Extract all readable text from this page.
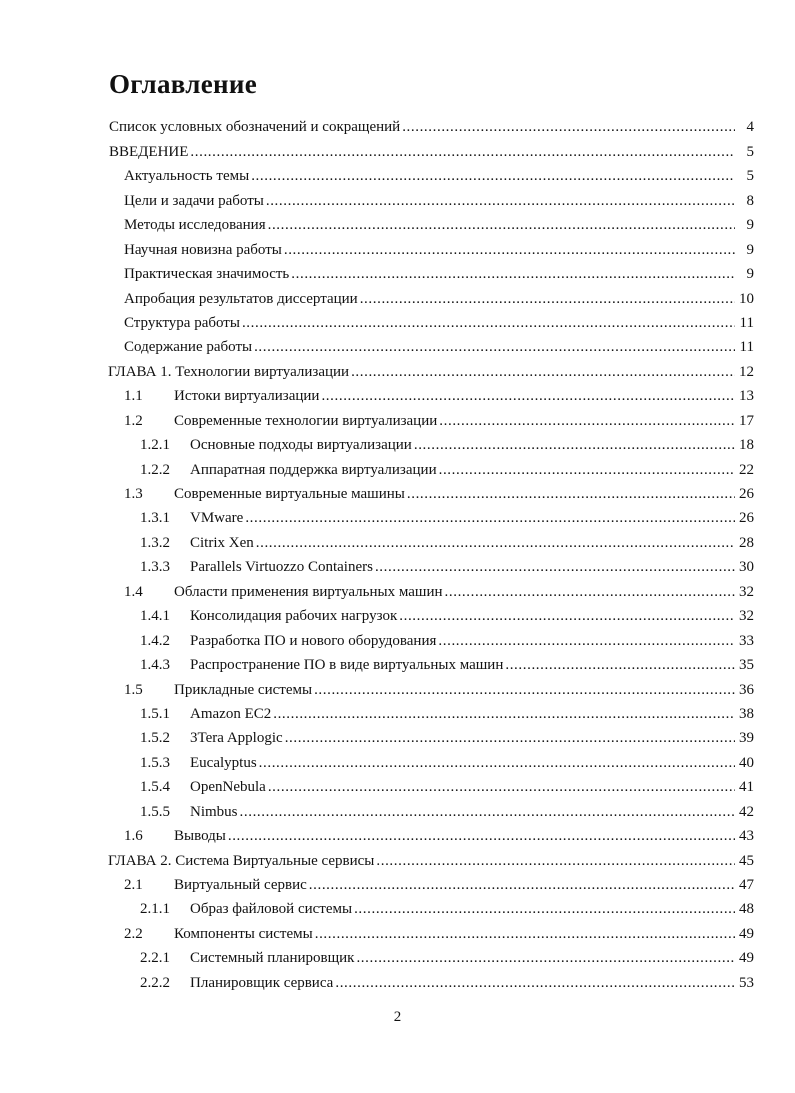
Оглавление
Список условных обозначений и сокращений .....	4
ВВЕДЕНИЕ .....	5
Актуальность темы .....	5
Цели и задачи работы .....	8
Методы исследования .....	9
Научная новизна работы .....	9
Практическая значимость .....	9
Апробация результатов диссертации .....	10
Структура работы .....	11
Содержание работы .....	11
ГЛАВА 1. Технологии виртуализации .....	12
1.1	Истоки виртуализации .....	13
1.2	Современные технологии виртуализации .....	17
1.2.1	Основные подходы виртуализации .....	18
1.2.2	Аппаратная поддержка виртуализации .....	22
1.3	Современные виртуальные машины .....	26
1.3.1	VMware .....	26
1.3.2	Citrix Xen .....	28
1.3.3	Parallels Virtuozzo Containers .....	30
1.4	Области применения виртуальных машин .....	32
1.4.1	Консолидация рабочих нагрузок .....	32
1.4.2	Разработка ПО и нового оборудования .....	33
1.4.3	Распространение ПО в виде виртуальных машин .....	35
1.5	Прикладные системы .....	36
1.5.1	Amazon EC2 .....	38
1.5.2	3Tera Applogic .....	39
1.5.3	Eucalyptus .....	40
1.5.4	OpenNebula .....	41
1.5.5	Nimbus .....	42
1.6	Выводы .....	43
ГЛАВА 2. Система Виртуальные сервисы .....	45
2.1	Виртуальный сервис .....	47
2.1.1	Образ файловой системы .....	48
2.2	Компоненты системы .....	49
2.2.1	Системный планировщик .....	49
2.2.2	Планировщик сервиса .....	53
2
